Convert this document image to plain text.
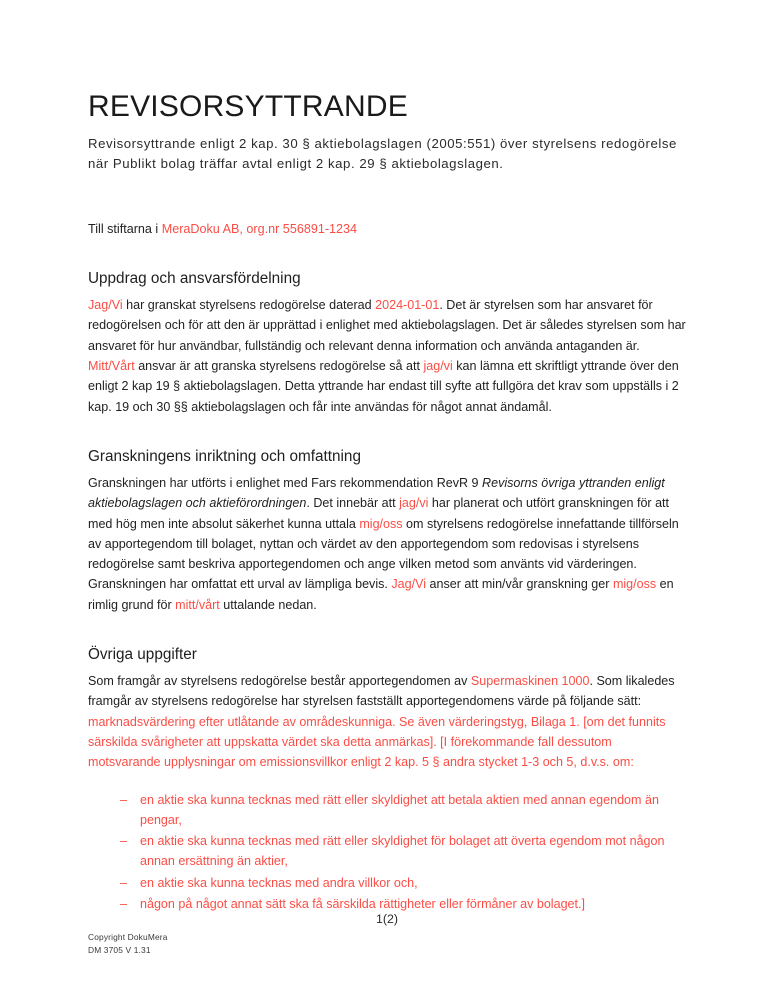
REVISORSYTTRANDE

Revisorsyttrande enligt 2 kap. 30 § aktiebolagslagen (2005:551) över styrelsens redogörelse när Publikt bolag träffar avtal enligt 2 kap. 29 § aktiebolagslagen.

Till stiftarna i MeraDoku AB, org.nr 556891-1234

Uppdrag och ansvarsfördelning

Jag/Vi har granskat styrelsens redogörelse daterad 2024-01-01. Det är styrelsen som har ansvaret för redogörelsen och för att den är upprättad i enlighet med aktiebolagslagen. Det är således styrelsen som har ansvaret för hur användbar, fullständig och relevant denna information och använda antaganden är. Mitt/Vårt ansvar är att granska styrelsens redogörelse så att jag/vi kan lämna ett skriftligt yttrande över den enligt 2 kap 19 § aktiebolagslagen. Detta yttrande har endast till syfte att fullgöra det krav som uppställs i 2 kap. 19 och 30 §§ aktiebolagslagen och får inte användas för något annat ändamål.

Granskningens inriktning och omfattning

Granskningen har utförts i enlighet med Fars rekommendation RevR 9 Revisorns övriga yttranden enligt aktiebolagslagen och aktieförordningen. Det innebär att jag/vi har planerat och utfört granskningen för att med hög men inte absolut säkerhet kunna uttala mig/oss om styrelsens redogörelse innefattande tillförseln av apportegendom till bolaget, nyttan och värdet av den apportegendom som redovisas i styrelsens redogörelse samt beskriva apportegendomen och ange vilken metod som använts vid värderingen. Granskningen har omfattat ett urval av lämpliga bevis. Jag/Vi anser att min/vår granskning ger mig/oss en rimlig grund för mitt/vårt uttalande nedan.

Övriga uppgifter

Som framgår av styrelsens redogörelse består apportegendomen av Supermaskinen 1000. Som likaledes framgår av styrelsens redogörelse har styrelsen fastställt apportegendomens värde på följande sätt: marknadsvärdering efter utlåtande av områdeskunniga. Se även värderingstyg, Bilaga 1. [om det funnits särskilda svårigheter att uppskatta värdet ska detta anmärkas]. [I förekommande fall dessutom motsvarande upplysningar om emissionsvillkor enligt 2 kap. 5 § andra stycket 1-3 och 5, d.v.s. om:

– en aktie ska kunna tecknas med rätt eller skyldighet att betala aktien med annan egendom än pengar,
– en aktie ska kunna tecknas med rätt eller skyldighet för bolaget att överta egendom mot någon annan ersättning än aktier,
– en aktie ska kunna tecknas med andra villkor och,
– någon på något annat sätt ska få särskilda rättigheter eller förmåner av bolaget.]
1(2)
Copyright DokuMera
DM 3705 V 1.31
